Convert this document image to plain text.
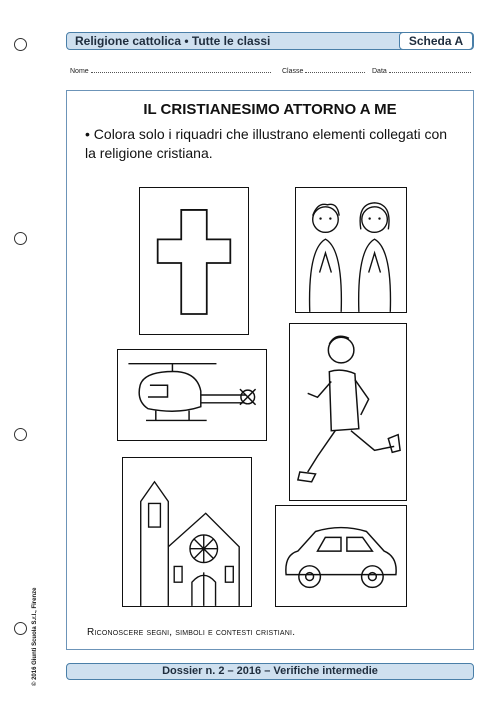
Religione cattolica • Tutte le classi	Scheda A
Nome	Classe	Data
IL CRISTIANESIMO ATTORNO A ME
• Colora solo i riquadri che illustrano elementi collegati con la religione cristiana.
Riconoscere segni, simboli e contesti cristiani.
Dossier n. 2 – 2016 – Verifiche intermedie
© 2016 Giunti Scuola S.r.l., Firenze
